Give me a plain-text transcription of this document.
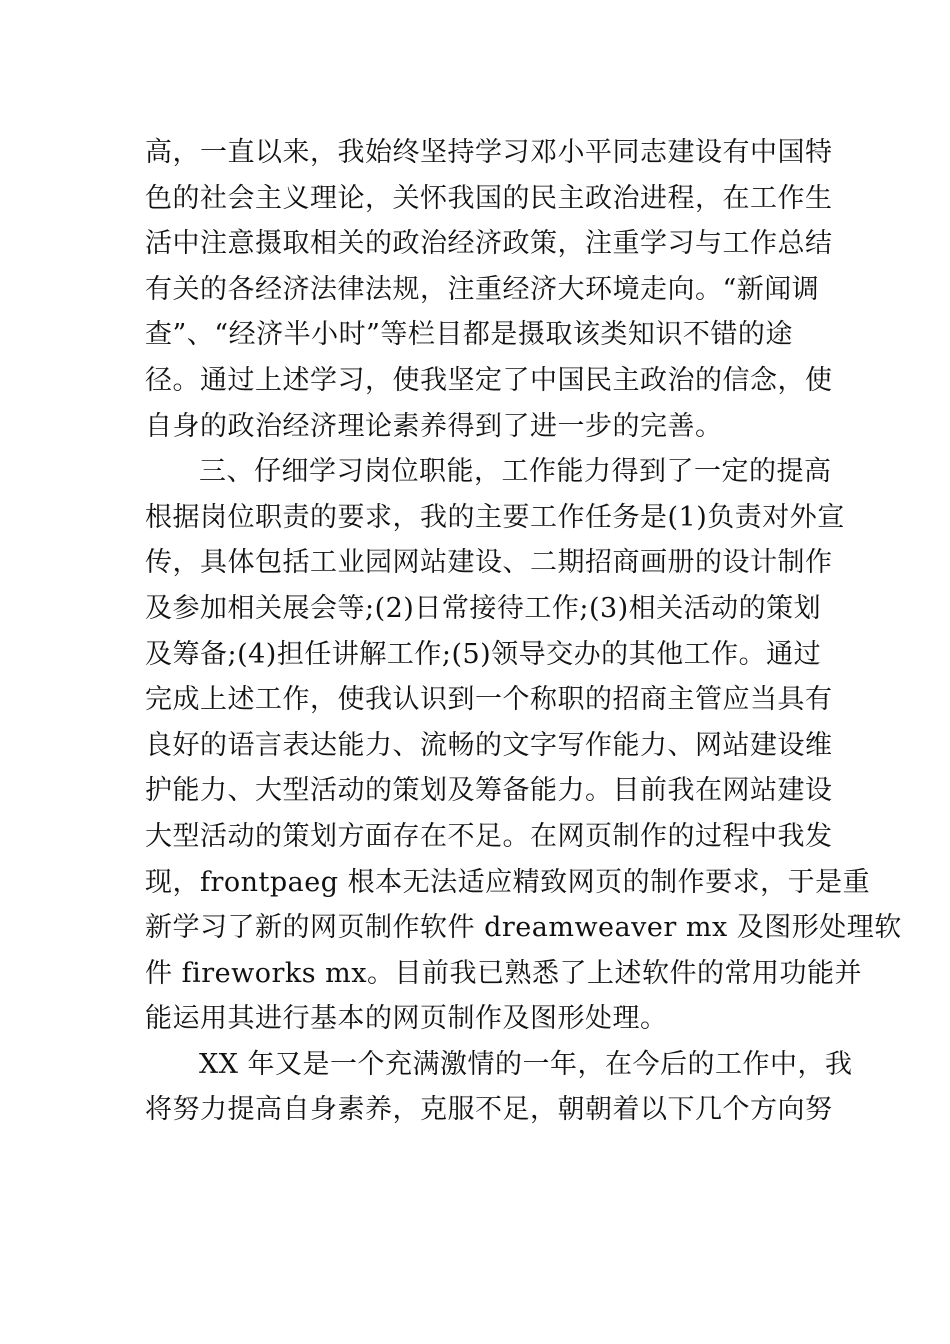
高，一直以来，我始终坚持学习邓小平同志建设有中国特
色的社会主义理论，关怀我国的民主政治进程，在工作生
活中注意摄取相关的政治经济政策，注重学习与工作总结
有关的各经济法律法规，注重经济大环境走向。“新闻调
查”、“经济半小时”等栏目都是摄取该类知识不错的途
径。通过上述学习，使我坚定了中国民主政治的信念，使
自身的政治经济理论素养得到了进一步的完善。
三、仔细学习岗位职能，工作能力得到了一定的提高
根据岗位职责的要求，我的主要工作任务是(1)负责对外宣
传，具体包括工业园网站建设、二期招商画册的设计制作
及参加相关展会等;(2)日常接待工作;(3)相关活动的策划
及筹备;(4)担任讲解工作;(5)领导交办的其他工作。通过
完成上述工作，使我认识到一个称职的招商主管应当具有
良好的语言表达能力、流畅的文字写作能力、网站建设维
护能力、大型活动的策划及筹备能力。目前我在网站建设
大型活动的策划方面存在不足。在网页制作的过程中我发
现，frontpaeg 根本无法适应精致网页的制作要求，于是重
新学习了新的网页制作软件 dreamweaver mx 及图形处理软
件 fireworks mx。目前我已熟悉了上述软件的常用功能并
能运用其进行基本的网页制作及图形处理。
XX 年又是一个充满激情的一年，在今后的工作中，我
将努力提高自身素养，克服不足，朝朝着以下几个方向努
